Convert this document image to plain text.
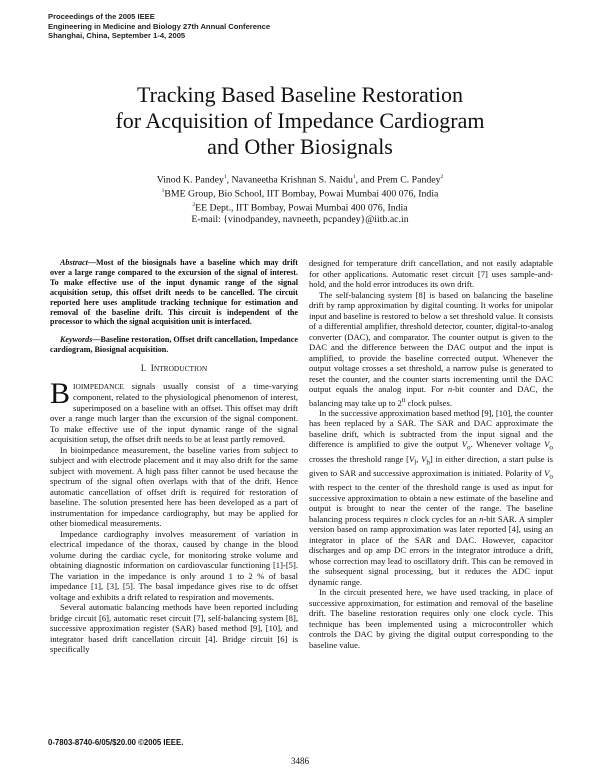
Proceedings of the 2005 IEEE
Engineering in Medicine and Biology 27th Annual Conference
Shanghai, China, September 1-4, 2005
Tracking Based Baseline Restoration
for Acquisition of Impedance Cardiogram
and Other Biosignals
Vinod K. Pandey$^1$, Navaneetha Krishnan S. Naidu$^1$, and Prem C. Pandey$^2$
$^1$BME Group, Bio School, IIT Bombay, Powai Mumbai 400 076, India
$^2$EE Dept., IIT Bombay, Powai Mumbai 400 076, India
E-mail: {vinodpandey, navneeth, pcpandey}@iitb.ac.in

Abstract—Most of the biosignals have a baseline which may drift over a large range compared to the excursion of the signal of interest. To make effective use of the input dynamic range of the signal acquisition setup, this offset drift needs to be cancelled. The circuit reported here uses amplitude tracking technique for estimation and removal of the baseline drift. This circuit is independent of the processor to which the signal acquisition unit is interfaced.

Keywords—Baseline restoration, Offset drift cancellation, Impedance cardiogram, Biosignal acquisition.

I. INTRODUCTION

BIOIMPEDANCE signals usually consist of a time-varying component, related to the physiological phenomenon of interest, superimposed on a baseline with an offset. This offset may drift over a range much larger than the excursion of the signal component. To make effective use of the input dynamic range of the signal acquisition setup, the offset drift needs to be at least partly removed.

In bioimpedance measurement, the baseline varies from subject to subject and with electrode placement and it may also drift for the same subject with movement. A high pass filter cannot be used because the spectrum of the signal often overlaps with that of the drift. Hence automatic cancellation of offset drift is required for restoration of baseline. The solution presented here has been developed as a part of instrumentation for impedance cardiography, but may be applied for other biomedical measurements.

Impedance cardiography involves measurement of variation in electrical impedance of the thorax, caused by change in the blood volume during the cardiac cycle, for monitoring stroke volume and obtaining diagnostic information on cardiovascular functioning [1]-[5]. The variation in the impedance is only around 1 to 2 % of basal impedance [1], [3], [5]. The basal impedance gives rise to dc offset voltage and exhibits a drift related to respiration and movements.

Several automatic balancing methods have been reported including bridge circuit [6], automatic reset circuit [7], self-balancing system [8], successive approximation register (SAR) based method [9], [10], and integrator based drift cancellation circuit [4]. Bridge circuit [6] is specifically

designed for temperature drift cancellation, and not easily adaptable for other applications. Automatic reset circuit [7] uses sample-and-hold, and the hold error introduces its own drift.

The self-balancing system [8] is based on balancing the baseline drift by ramp approximation by digital counting. It works for unipolar input and baseline is restored to below a set threshold value. It consists of a differential amplifier, threshold detector, counter, digital-to-analog converter (DAC), and comparator. The counter output is given to the DAC and the difference between the DAC output and the input is amplified, to provide the baseline corrected output. Whenever the output voltage crosses a set threshold, a narrow pulse is generated to reset the counter, and the counter starts incrementing until the DAC output equals the analog input. For n-bit counter and DAC, the balancing may take up to 2$^n$ clock pulses.

In the successive approximation based method [9], [10], the counter has been replaced by a SAR. The SAR and DAC approximate the baseline drift, which is subtracted from the input signal and the difference is amplified to give the output $V_o$. Whenever voltage $V_o$ crosses the threshold range [$V_l$, $V_h$] in either direction, a start pulse is given to SAR and successive approximation is initiated. Polarity of $V_o$ with respect to the center of the threshold range is used as input for successive approximation to obtain a new estimate of the baseline and output is brought to near the center of the range. The baseline balancing process requires n clock cycles for an n-bit SAR. A simpler version based on ramp approximation was later reported [4], using an integrator in place of the SAR and DAC. However, capacitor discharges and op amp DC errors in the integrator introduce a drift, whose correction may lead to oscillatory drift. This can be removed in the subsequent signal processing, but it reduces the ADC input dynamic range.

In the circuit presented here, we have used tracking, in place of successive approximation, for estimation and removal of the baseline drift. The baseline restoration requires only one clock cycle. This technique has been implemented using a microcontroller which controls the DAC by giving the digital output corresponding to the baseline value.

0-7803-8740-6/05/$20.00 ©2005 IEEE.
3486
